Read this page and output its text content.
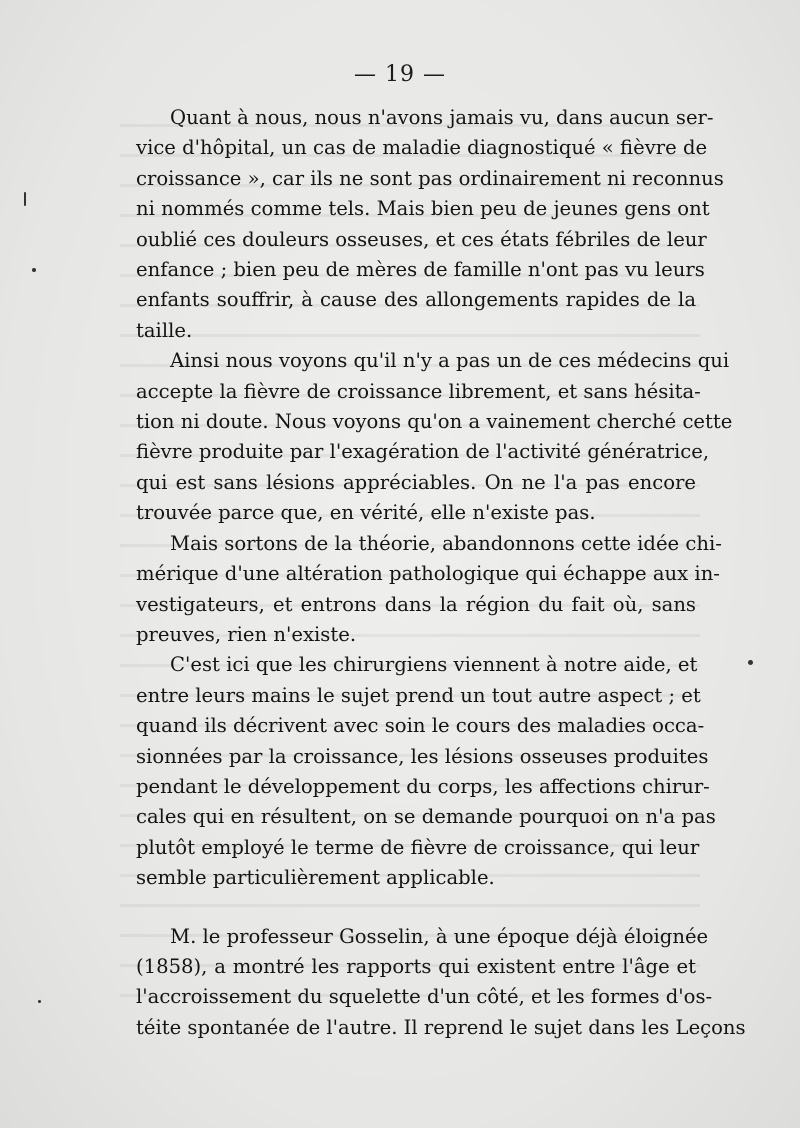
— 19 —
Quant à nous, nous n'avons jamais vu, dans aucun ser-
vice d'hôpital, un cas de maladie diagnostiqué « fièvre de
croissance », car ils ne sont pas ordinairement ni reconnus
ni nommés comme tels. Mais bien peu de jeunes gens ont
oublié ces douleurs osseuses, et ces états fébriles de leur
enfance ; bien peu de mères de famille n'ont pas vu leurs
enfants souffrir, à cause des allongements rapides de la
taille.
Ainsi nous voyons qu'il n'y a pas un de ces médecins qui
accepte la fièvre de croissance librement, et sans hésita-
tion ni doute. Nous voyons qu'on a vainement cherché cette
fièvre produite par l'exagération de l'activité génératrice,
qui est sans lésions appréciables. On ne l'a pas encore
trouvée parce que, en vérité, elle n'existe pas.
Mais sortons de la théorie, abandonnons cette idée chi-
mérique d'une altération pathologique qui échappe aux in-
vestigateurs, et entrons dans la région du fait où, sans
preuves, rien n'existe.
C'est ici que les chirurgiens viennent à notre aide, et
entre leurs mains le sujet prend un tout autre aspect ; et
quand ils décrivent avec soin le cours des maladies occa-
sionnées par la croissance, les lésions osseuses produites
pendant le développement du corps, les affections chirur-
cales qui en résultent, on se demande pourquoi on n'a pas
plutôt employé le terme de fièvre de croissance, qui leur
semble particulièrement applicable.
M. le professeur Gosselin, à une époque déjà éloignée
(1858), a montré les rapports qui existent entre l'âge et
l'accroissement du squelette d'un côté, et les formes d'os-
téite spontanée de l'autre. Il reprend le sujet dans les Leçons
